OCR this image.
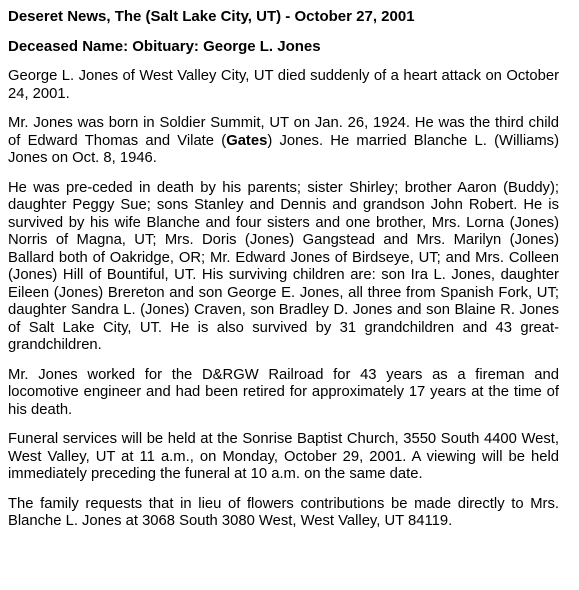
Deseret News, The (Salt Lake City, UT) - October 27, 2001
Deceased Name: Obituary: George L. Jones

George L. Jones of West Valley City, UT died suddenly of a heart attack on October 24, 2001.

Mr. Jones was born in Soldier Summit, UT on Jan. 26, 1924. He was the third child of Edward Thomas and Vilate (Gates) Jones. He married Blanche L. (Williams) Jones on Oct. 8, 1946.

He was pre-ceded in death by his parents; sister Shirley; brother Aaron (Buddy); daughter Peggy Sue; sons Stanley and Dennis and grandson John Robert. He is survived by his wife Blanche and four sisters and one brother, Mrs. Lorna (Jones) Norris of Magna, UT; Mrs. Doris (Jones) Gangstead and Mrs. Marilyn (Jones) Ballard both of Oakridge, OR; Mr. Edward Jones of Birdseye, UT; and Mrs. Colleen (Jones) Hill of Bountiful, UT. His surviving children are: son Ira L. Jones, daughter Eileen (Jones) Brereton and son George E. Jones, all three from Spanish Fork, UT; daughter Sandra L. (Jones) Craven, son Bradley D. Jones and son Blaine R. Jones of Salt Lake City, UT. He is also survived by 31 grandchildren and 43 great-grandchildren.

Mr. Jones worked for the D&RGW Railroad for 43 years as a fireman and locomotive engineer and had been retired for approximately 17 years at the time of his death.

Funeral services will be held at the Sonrise Baptist Church, 3550 South 4400 West, West Valley, UT at 11 a.m., on Monday, October 29, 2001. A viewing will be held immediately preceding the funeral at 10 a.m. on the same date.

The family requests that in lieu of flowers contributions be made directly to Mrs. Blanche L. Jones at 3068 South 3080 West, West Valley, UT 84119.
